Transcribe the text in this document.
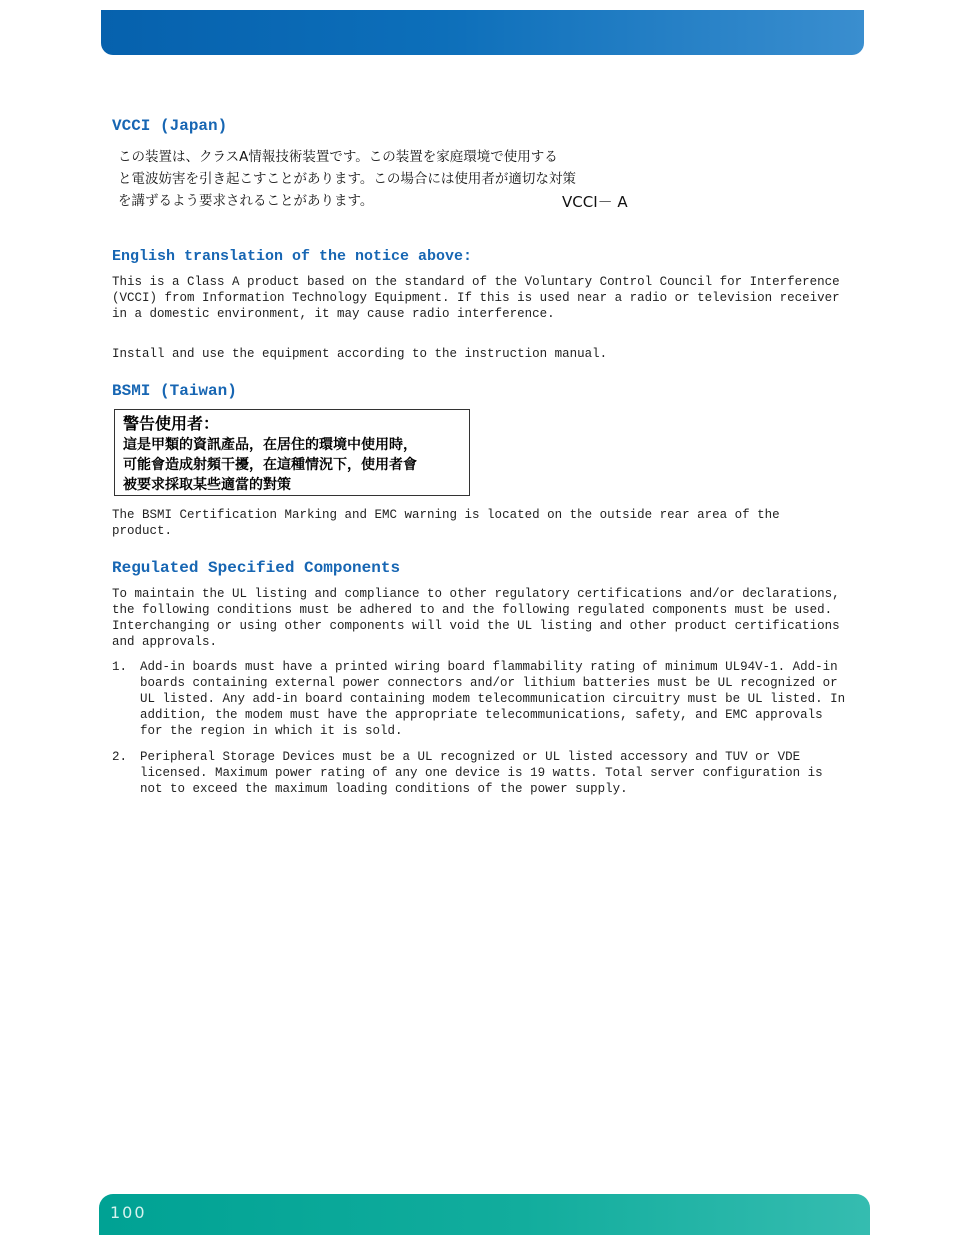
VCCI (Japan)
この装置は、クラスA情報技術装置です。この装置を家庭環境で使用する
と電波妨害を引き起こすことがあります。この場合には使用者が適切な対策
を講ずるよう要求されることがあります。	VCCI－ A
English translation of the notice above:

This is a Class A product based on the standard of the Voluntary Control Council for Interference (VCCI) from Information Technology Equipment. If this is used near a radio or television receiver in a domestic environment, it may cause radio interference.

Install and use the equipment according to the instruction manual.

BSMI (Taiwan)
警告使用者：
這是甲類的資訊產品，在居住的環境中使用時，
可能會造成射頻干擾，在這種情況下，使用者會
被要求採取某些適當的對策

The BSMI Certification Marking and EMC warning is located on the outside rear area of the product.

Regulated Specified Components

To maintain the UL listing and compliance to other regulatory certifications and/or declarations, the following conditions must be adhered to and the following regulated components must be used. Interchanging or using other components will void the UL listing and other product certifications and approvals.

1. Add-in boards must have a printed wiring board flammability rating of minimum UL94V-1. Add-in boards containing external power connectors and/or lithium batteries must be UL recognized or UL listed. Any add-in board containing modem telecommunication circuitry must be UL listed. In addition, the modem must have the appropriate telecommunications, safety, and EMC approvals for the region in which it is sold.
2. Peripheral Storage Devices must be a UL recognized or UL listed accessory and TUV or VDE licensed. Maximum power rating of any one device is 19 watts. Total server configuration is not to exceed the maximum loading conditions of the power supply.
100
